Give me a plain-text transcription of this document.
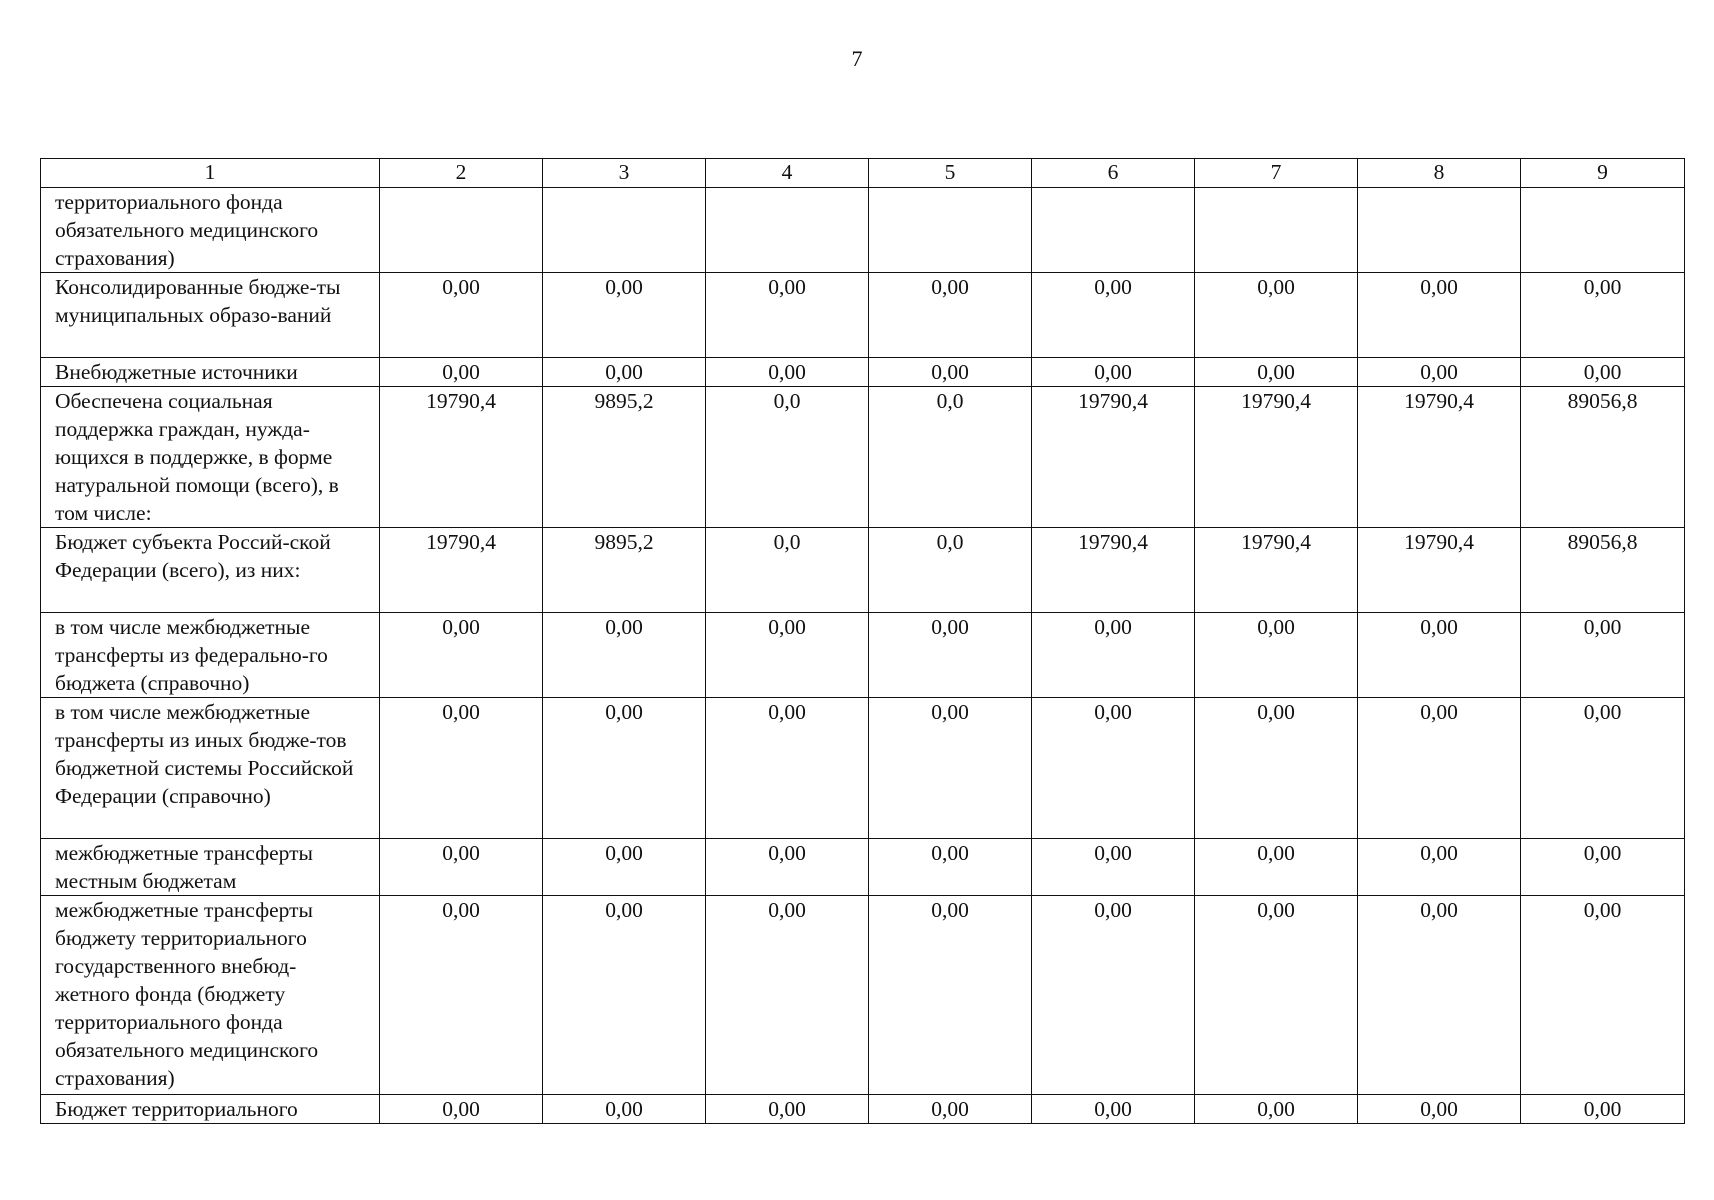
7
1	2	3	4	5	6	7	8	9
территориального фонда обязательного медицинского страхования)								
Консолидированные бюдже-ты муниципальных образо-ваний	0,00	0,00	0,00	0,00	0,00	0,00	0,00	0,00
Внебюджетные источники	0,00	0,00	0,00	0,00	0,00	0,00	0,00	0,00
Обеспечена социальная поддержка граждан, нужда-ющихся в поддержке, в форме натуральной помощи (всего), в том числе:	19790,4	9895,2	0,0	0,0	19790,4	19790,4	19790,4	89056,8
Бюджет субъекта Россий-ской Федерации (всего), из них:	19790,4	9895,2	0,0	0,0	19790,4	19790,4	19790,4	89056,8
в том числе межбюджетные трансферты из федерально-го бюджета (справочно)	0,00	0,00	0,00	0,00	0,00	0,00	0,00	0,00
в том числе межбюджетные трансферты из иных бюдже-тов бюджетной системы Российской Федерации (справочно)	0,00	0,00	0,00	0,00	0,00	0,00	0,00	0,00
межбюджетные трансферты местным бюджетам	0,00	0,00	0,00	0,00	0,00	0,00	0,00	0,00
межбюджетные трансферты бюджету территориального государственного внебюд-жетного фонда (бюджету территориального фонда обязательного медицинского страхования)	0,00	0,00	0,00	0,00	0,00	0,00	0,00	0,00
Бюджет территориального	0,00	0,00	0,00	0,00	0,00	0,00	0,00	0,00
